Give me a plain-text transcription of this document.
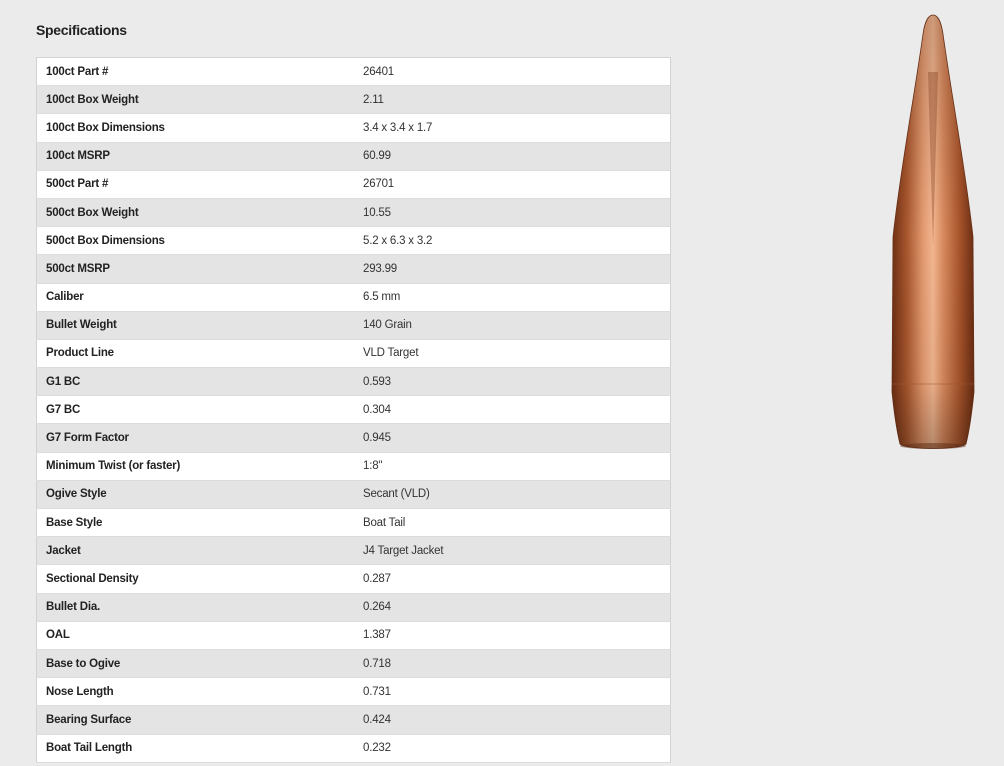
Specifications
100ct Part #	26401
100ct Box Weight	2.11
100ct Box Dimensions	3.4 x 3.4 x 1.7
100ct MSRP	60.99
500ct Part #	26701
500ct Box Weight	10.55
500ct Box Dimensions	5.2 x 6.3 x 3.2
500ct MSRP	293.99
Caliber	6.5 mm
Bullet Weight	140 Grain
Product Line	VLD Target
G1 BC	0.593
G7 BC	0.304
G7 Form Factor	0.945
Minimum Twist (or faster)	1:8"
Ogive Style	Secant (VLD)
Base Style	Boat Tail
Jacket	J4 Target Jacket
Sectional Density	0.287
Bullet Dia.	0.264
OAL	1.387
Base to Ogive	0.718
Nose Length	0.731
Bearing Surface	0.424
Boat Tail Length	0.232
